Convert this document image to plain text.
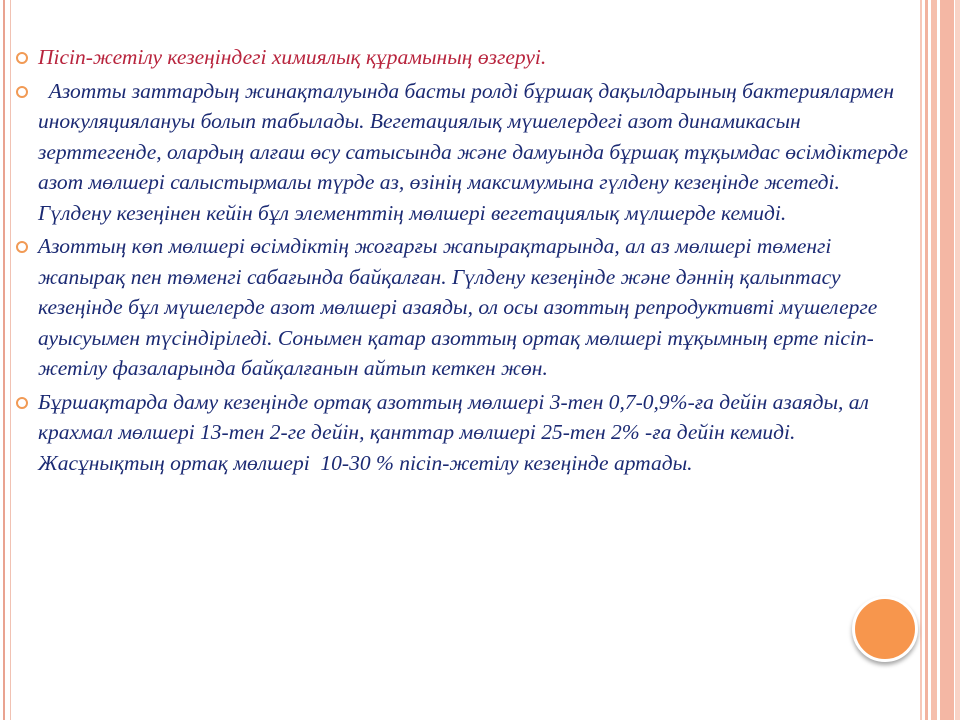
Пісіп-жетілу кезеңіндегі химиялық құрамының өзгеруі.
Азотты заттардың жинақталуында басты ролді бұршақ дақылдарының бактериялармен инокуляциялануы болып табылады. Вегетациялық мүшелердегі азот динамикасын зерттегенде, олардың алғаш өсу сатысында және дамуында бұршақ тұқымдас өсімдіктерде азот мөлшері салыстырмалы түрде аз, өзінің максимумына гүлдену кезеңінде жетеді. Гүлдену кезеңінен кейін бұл элементтің мөлшері вегетациялық мүлшерде кемиді.
Азоттың көп мөлшері өсімдіктің жоғарғы жапырақтарында, ал аз мөлшері төменгі жапырақ пен төменгі сабағында байқалған. Гүлдену кезеңінде және дәннің қалыптасу кезеңінде бұл мүшелерде азот мөлшері азаяды, ол осы азоттың репродуктивті мүшелерге ауысуымен түсіндіріледі. Сонымен қатар азоттың ортақ мөлшері тұқымның ерте пісіп-жетілу фазаларында байқалғанын айтып кеткен жөн.
Бұршақтарда даму кезеңінде ортақ азоттың мөлшері 3-тен 0,7-0,9%-ға дейін азаяды, ал крахмал мөлшері 13-тен 2-ге дейін, қанттар мөлшері 25-тен 2% -ға дейін кемиді.  Жасұнықтың ортақ мөлшері  10-30 % пісіп-жетілу кезеңінде артады.
